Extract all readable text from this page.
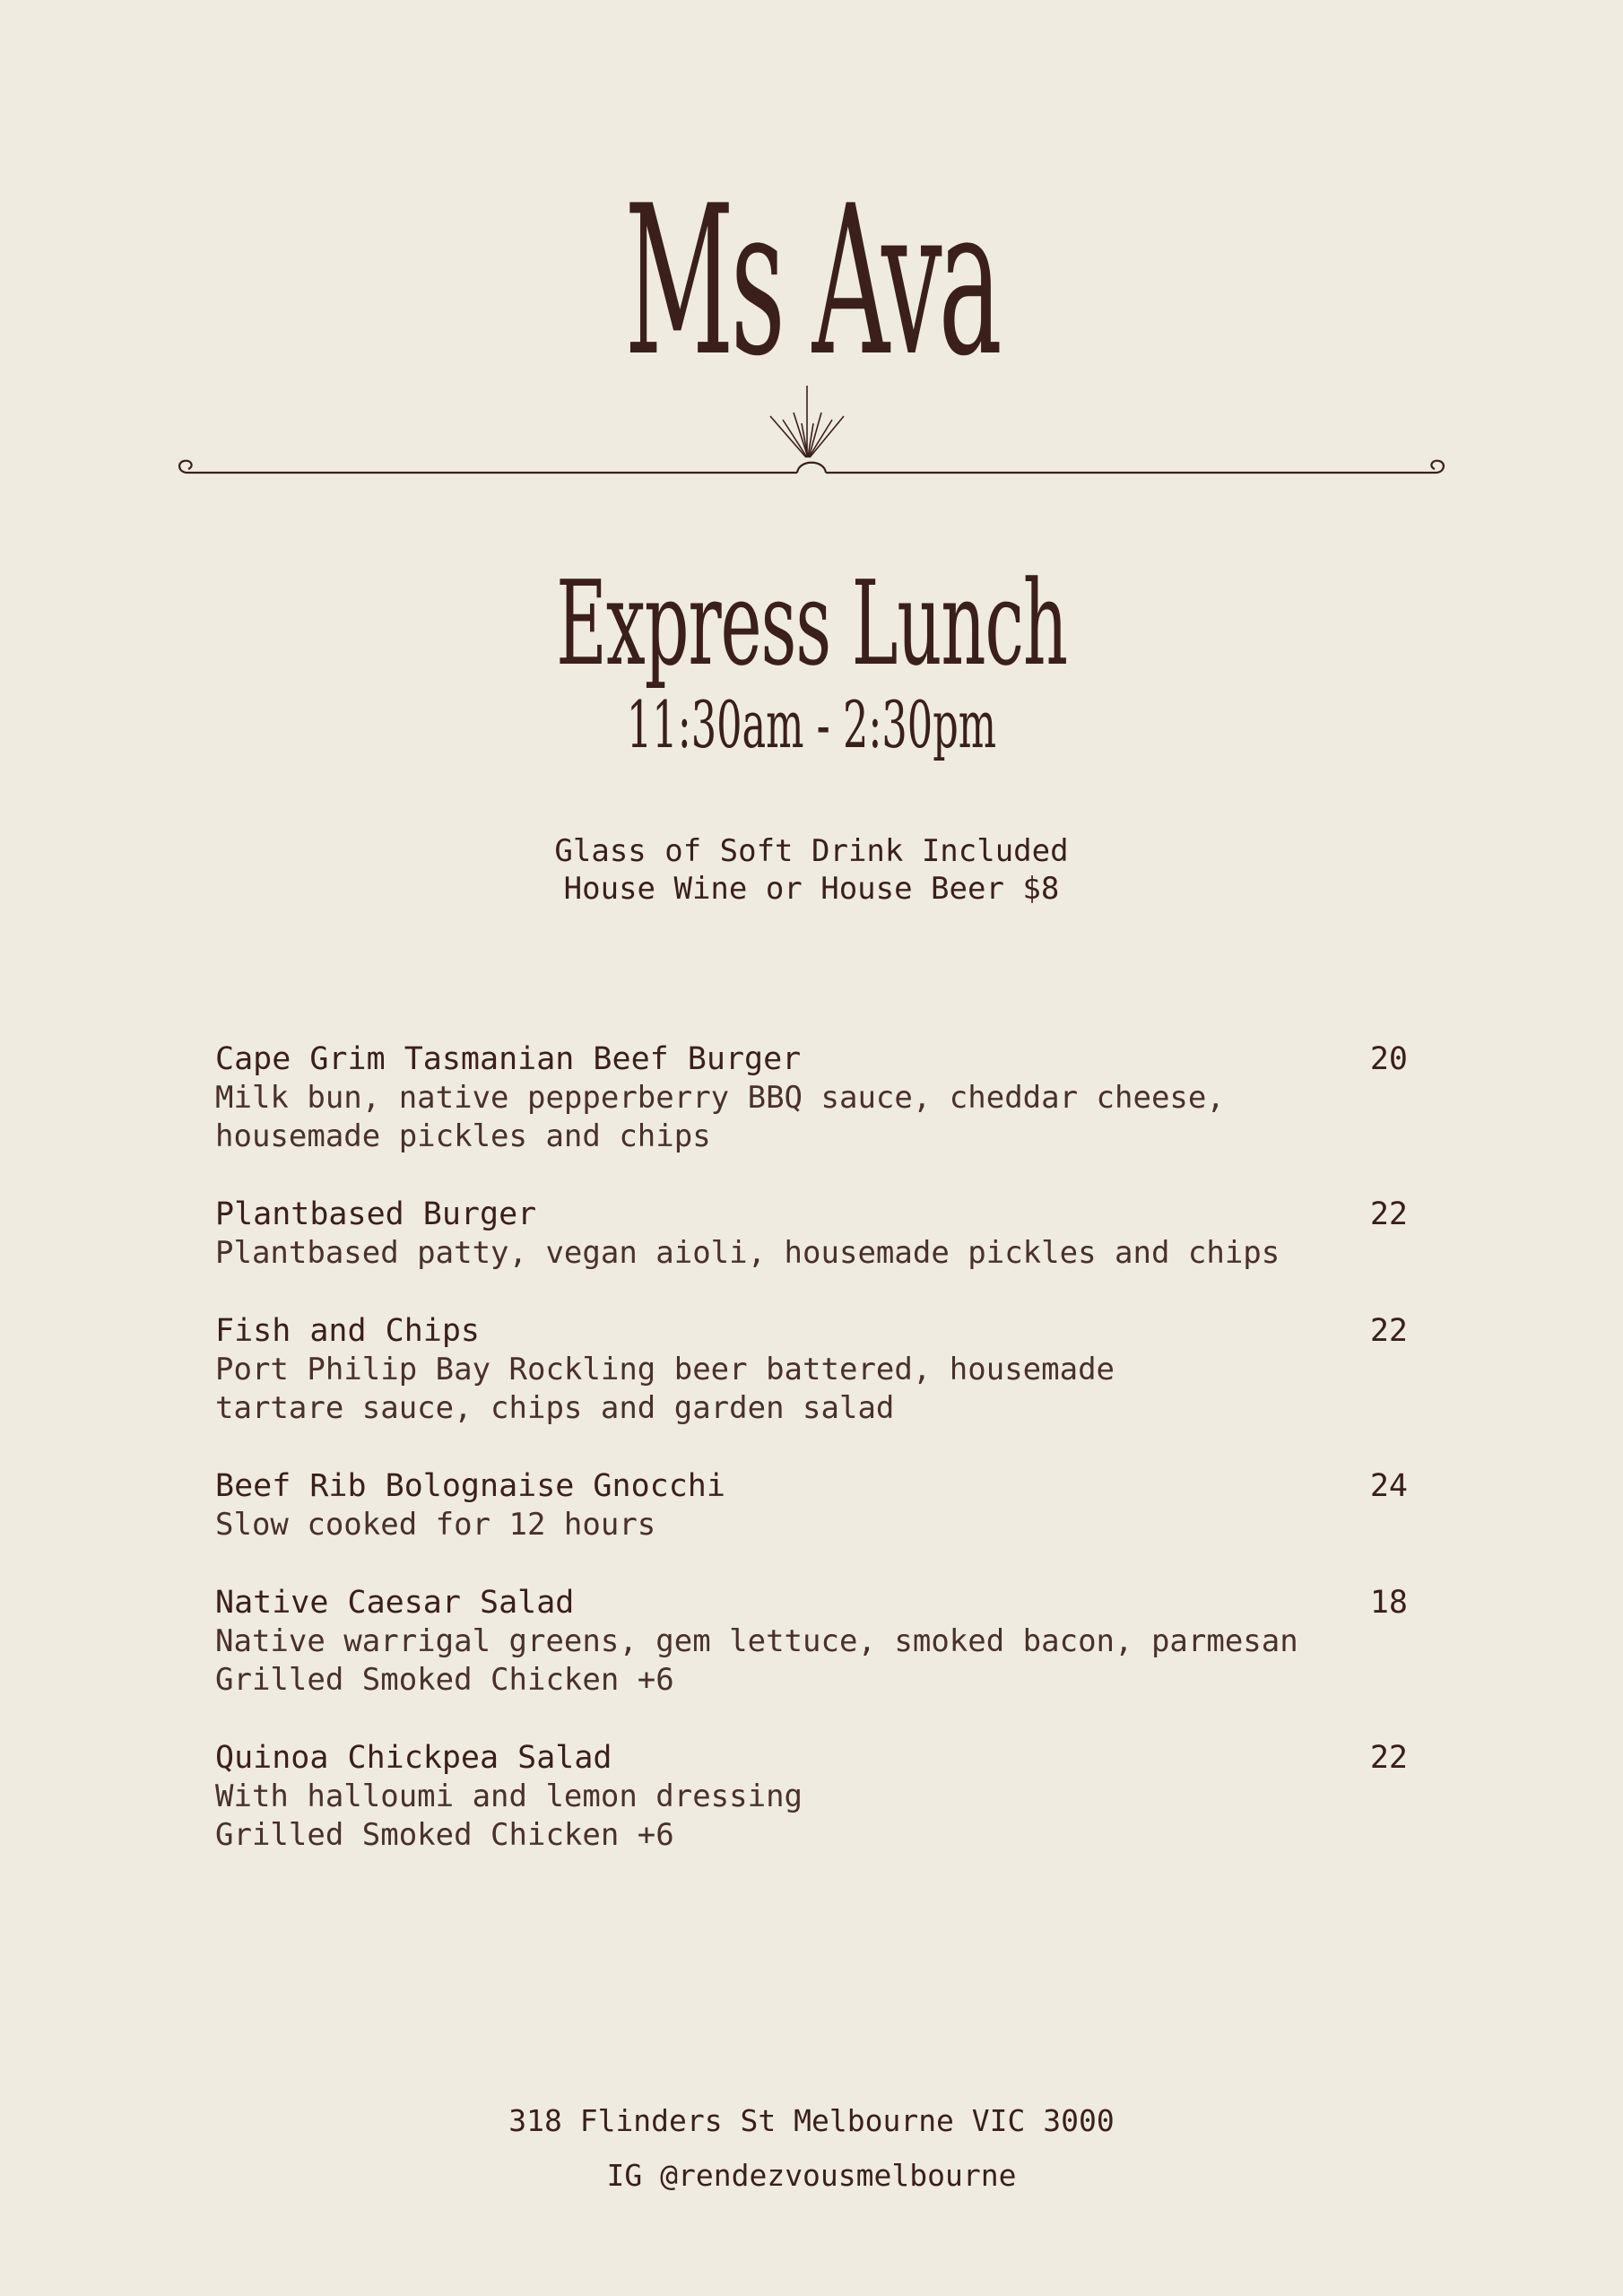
Ms Ava
Express Lunch
11:30am - 2:30pm
Glass of Soft Drink Included
House Wine or House Beer $8
Cape Grim Tasmanian Beef Burger	20
Milk bun, native pepperberry BBQ sauce, cheddar cheese,
housemade pickles and chips
Plantbased Burger	22
Plantbased patty, vegan aioli, housemade pickles and chips
Fish and Chips	22
Port Philip Bay Rockling beer battered, housemade
tartare sauce, chips and garden salad
Beef Rib Bolognaise Gnocchi	24
Slow cooked for 12 hours
Native Caesar Salad	18
Native warrigal greens, gem lettuce, smoked bacon, parmesan
Grilled Smoked Chicken +6
Quinoa Chickpea Salad	22
With halloumi and lemon dressing
Grilled Smoked Chicken +6
318 Flinders St Melbourne VIC 3000
IG @rendezvousmelbourne
